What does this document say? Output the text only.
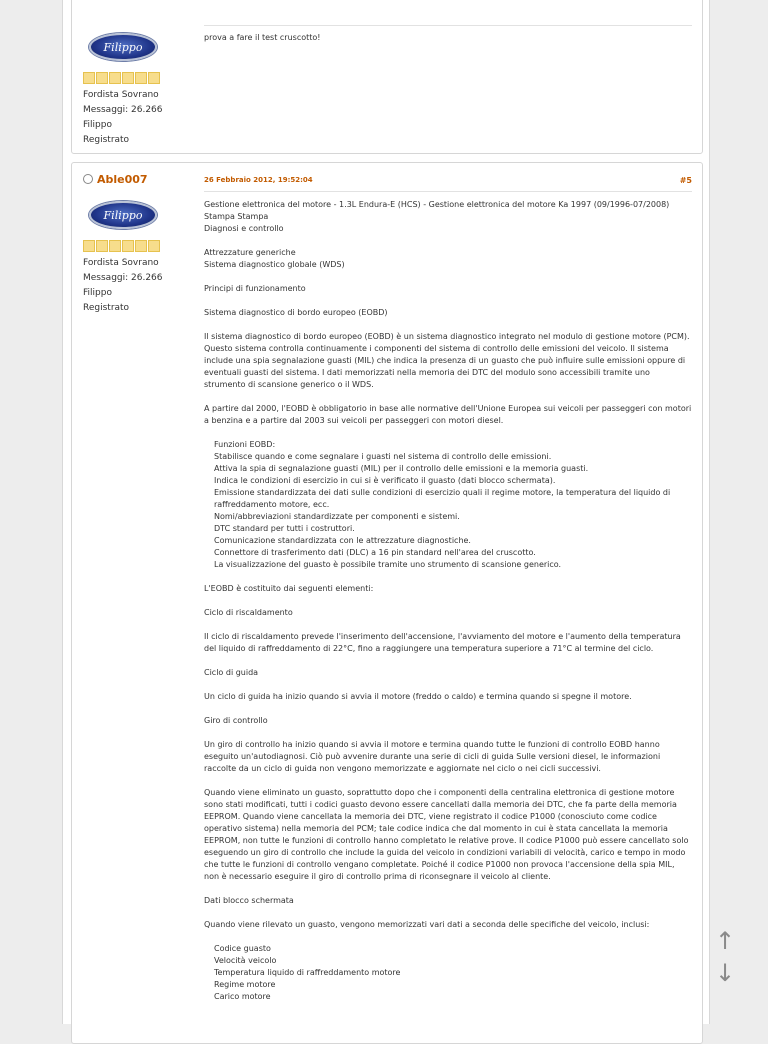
Filippo
Fordista Sovrano
Messaggi: 26.266
Filippo
Registrato
prova a fare il test cruscotto!
Able007
Filippo
Fordista Sovrano
Messaggi: 26.266
Filippo
Registrato
26 Febbraio 2012, 19:52:04	#5

Gestione elettronica del motore - 1.3L Endura-E (HCS) - Gestione elettronica del motore Ka 1997 (09/1996-07/2008)
Stampa Stampa
Diagnosi e controllo

Attrezzature generiche
Sistema diagnostico globale (WDS)

Principi di funzionamento

Sistema diagnostico di bordo europeo (EOBD)

Il sistema diagnostico di bordo europeo (EOBD) è un sistema diagnostico integrato nel modulo di gestione motore (PCM). Questo sistema controlla continuamente i componenti del sistema di controllo delle emissioni del veicolo. Il sistema include una spia segnalazione guasti (MIL) che indica la presenza di un guasto che può influire sulle emissioni oppure di eventuali guasti del sistema. I dati memorizzati nella memoria dei DTC del modulo sono accessibili tramite uno strumento di scansione generico o il WDS.

A partire dal 2000, l'EOBD è obbligatorio in base alle normative dell'Unione Europea sui veicoli per passeggeri con motori a benzina e a partire dal 2003 sui veicoli per passeggeri con motori diesel.

Funzioni EOBD:
Stabilisce quando e come segnalare i guasti nel sistema di controllo delle emissioni.
Attiva la spia di segnalazione guasti (MIL) per il controllo delle emissioni e la memoria guasti.
Indica le condizioni di esercizio in cui si è verificato il guasto (dati blocco schermata).
Emissione standardizzata dei dati sulle condizioni di esercizio quali il regime motore, la temperatura del liquido di raffreddamento motore, ecc.
Nomi/abbreviazioni standardizzate per componenti e sistemi.
DTC standard per tutti i costruttori.
Comunicazione standardizzata con le attrezzature diagnostiche.
Connettore di trasferimento dati (DLC) a 16 pin standard nell'area del cruscotto.
La visualizzazione del guasto è possibile tramite uno strumento di scansione generico.

L'EOBD è costituito dai seguenti elementi:

Ciclo di riscaldamento

Il ciclo di riscaldamento prevede l'inserimento dell'accensione, l'avviamento del motore e l'aumento della temperatura del liquido di raffreddamento di 22°C, fino a raggiungere una temperatura superiore a 71°C al termine del ciclo.

Ciclo di guida

Un ciclo di guida ha inizio quando si avvia il motore (freddo o caldo) e termina quando si spegne il motore.

Giro di controllo

Un giro di controllo ha inizio quando si avvia il motore e termina quando tutte le funzioni di controllo EOBD hanno eseguito un'autodiagnosi. Ciò può avvenire durante una serie di cicli di guida Sulle versioni diesel, le informazioni raccolte da un ciclo di guida non vengono memorizzate e aggiornate nel ciclo o nei cicli successivi.

Quando viene eliminato un guasto, soprattutto dopo che i componenti della centralina elettronica di gestione motore sono stati modificati, tutti i codici guasto devono essere cancellati dalla memoria dei DTC, che fa parte della memoria EEPROM. Quando viene cancellata la memoria dei DTC, viene registrato il codice P1000 (conosciuto come codice operativo sistema) nella memoria del PCM; tale codice indica che dal momento in cui è stata cancellata la memoria EEPROM, non tutte le funzioni di controllo hanno completato le relative prove. Il codice P1000 può essere cancellato solo eseguendo un giro di controllo che include la guida del veicolo in condizioni variabili di velocità, carico e tempo in modo che tutte le funzioni di controllo vengano completate. Poiché il codice P1000 non provoca l'accensione della spia MIL, non è necessario eseguire il giro di controllo prima di riconsegnare il veicolo al cliente.

Dati blocco schermata

Quando viene rilevato un guasto, vengono memorizzati vari dati a seconda delle specifiche del veicolo, inclusi:

Codice guasto
Velocità veicolo
Temperatura liquido di raffreddamento motore
Regime motore
Carico motore

↑
↓
